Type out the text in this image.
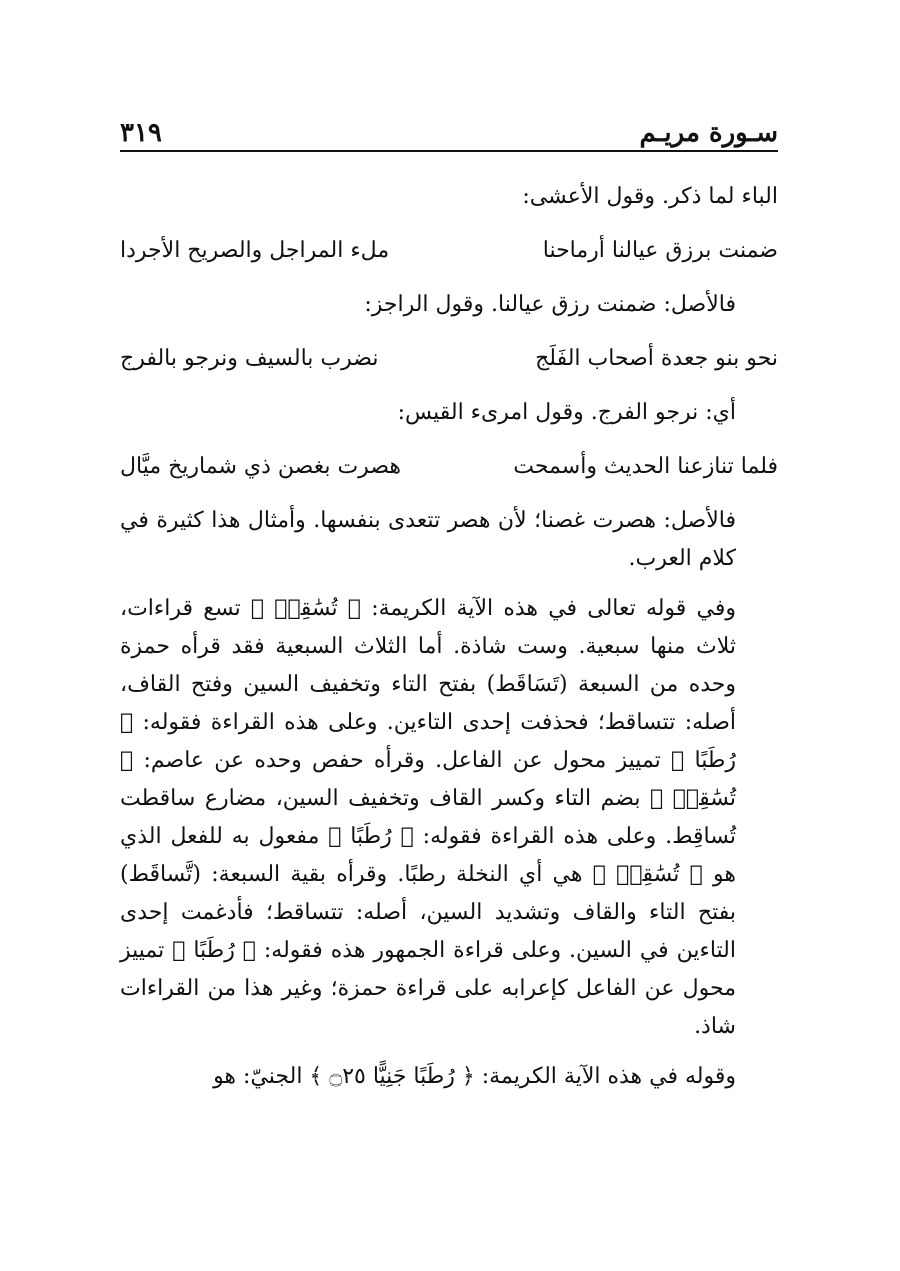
سـورة مريـم
٣١٩

الباء لما ذكر. وقول الأعشى:

ضمنت برزق عيالنا أرماحنا
ملء المراجل والصريح الأجردا

فالأصل: ضمنت رزق عيالنا. وقول الراجز:

نحو بنو جعدة أصحاب الفَلَج
نضرب بالسيف ونرجو بالفرج

أي: نرجو الفرج. وقول امرىء القيس:

فلما تنازعنا الحديث وأسمحت
هصرت بغصن ذي شماريخ ميَّال

فالأصل: هصرت غصنا؛ لأن هصر تتعدى بنفسها. وأمثال هذا كثيرة في كلام العرب.

وفي قوله تعالى في هذه الآية الكريمة: ﴿ تُسَٰقِطۡ ﴾ تسع قراءات، ثلاث منها سبعية. وست شاذة. أما الثلاث السبعية فقد قرأه حمزة وحده من السبعة (تَسَاقَط) بفتح التاء وتخفيف السين وفتح القاف، أصله: تتساقط؛ فحذفت إحدى التاءين. وعلى هذه القراءة فقوله: ﴿ رُطَبًا ﴾ تمييز محول عن الفاعل. وقرأه حفص وحده عن عاصم: ﴿ تُسَٰقِطۡ ﴾ بضم التاء وكسر القاف وتخفيف السين، مضارع ساقطت تُساقِط. وعلى هذه القراءة فقوله: ﴿ رُطَبًا ﴾ مفعول به للفعل الذي هو ﴿ تُسَٰقِطۡ ﴾ هي أي النخلة رطبًا. وقرأه بقية السبعة: (تَّساقَط) بفتح التاء والقاف وتشديد السين، أصله: تتساقط؛ فأدغمت إحدى التاءين في السين. وعلى قراءة الجمهور هذه فقوله: ﴿ رُطَبًا ﴾ تمييز محول عن الفاعل كإعرابه على قراءة حمزة؛ وغير هذا من القراءات شاذ.

وقوله في هذه الآية الكريمة: ﴿ رُطَبًا جَنِيًّا ۝٢٥ ﴾ الجنيّ: هو
